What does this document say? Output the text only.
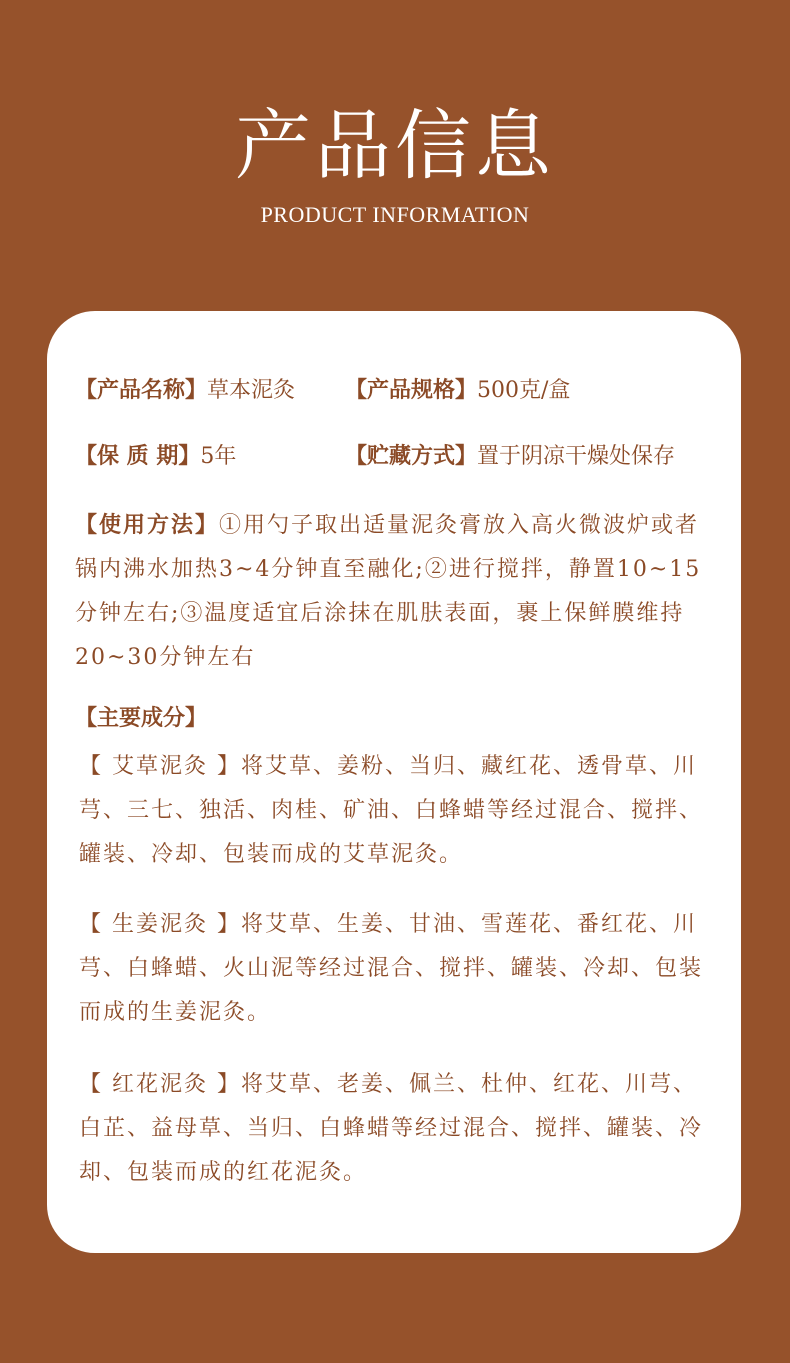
产品信息
PRODUCT INFORMATION
【产品名称】草本泥灸 【产品规格】500克/盒
【保 质 期】5年	【贮藏方式】置于阴凉干燥处保存

【使用方法】①用勺子取出适量泥灸膏放入高火微波炉或者锅内沸水加热3~4分钟直至融化;②进行搅拌，静置10~15分钟左右;③温度适宜后涂抹在肌肤表面，裹上保鲜膜维持20~30分钟左右

【主要成分】

【 艾草泥灸 】将艾草、姜粉、当归、藏红花、透骨草、川芎、三七、独活、肉桂、矿油、白蜂蜡等经过混合、搅拌、罐装、冷却、包装而成的艾草泥灸。

【 生姜泥灸 】将艾草、生姜、甘油、雪莲花、番红花、川芎、白蜂蜡、火山泥等经过混合、搅拌、罐装、冷却、包装而成的生姜泥灸。

【 红花泥灸 】将艾草、老姜、佩兰、杜仲、红花、川芎、白芷、益母草、当归、白蜂蜡等经过混合、搅拌、罐装、冷却、包装而成的红花泥灸。
